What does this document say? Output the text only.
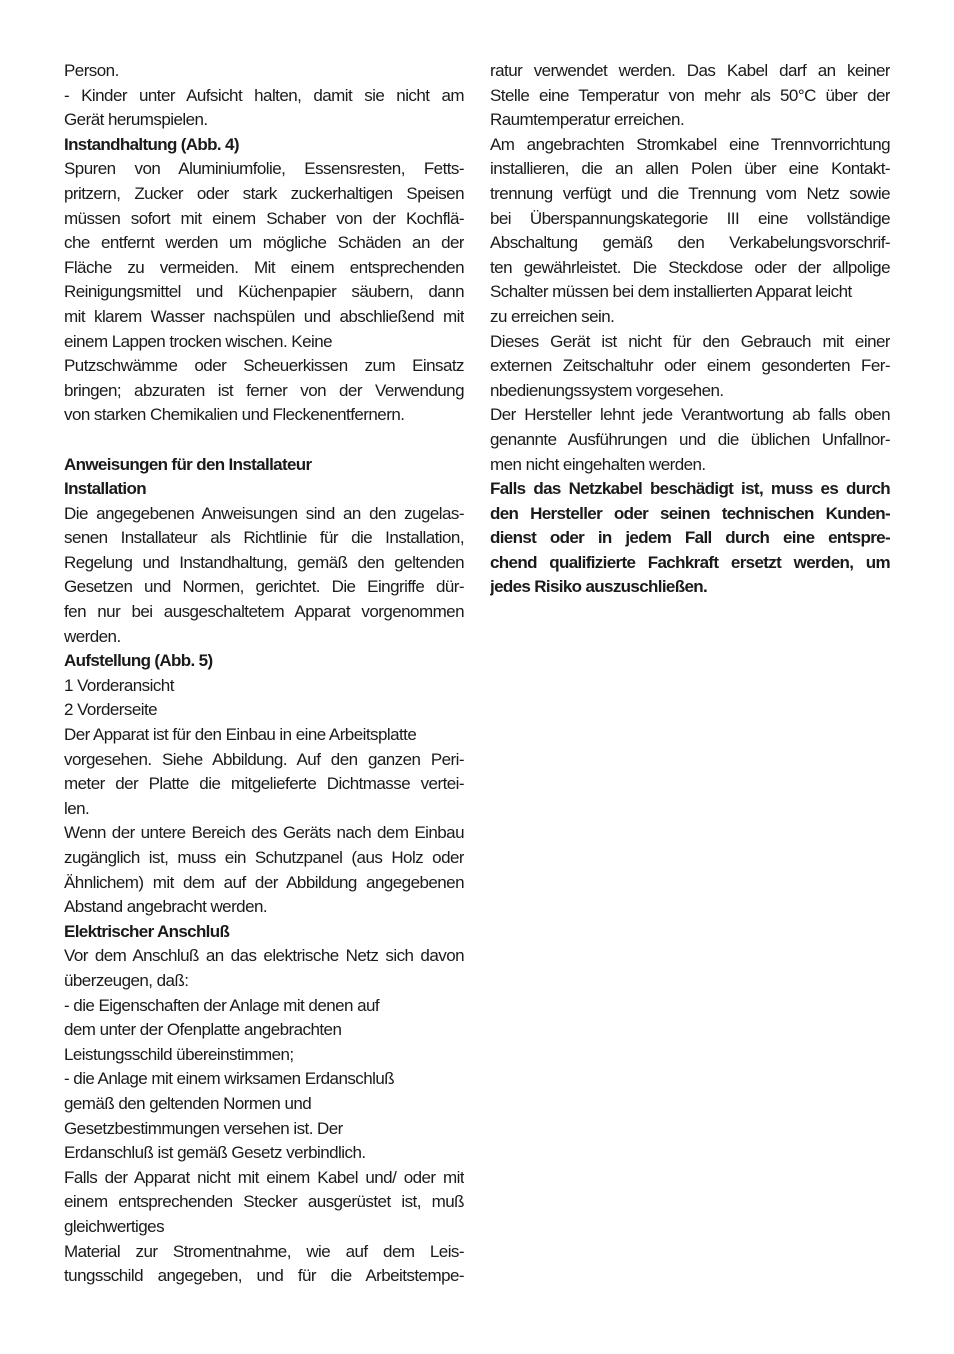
Person.
- Kinder unter Aufsicht halten, damit sie nicht am
Gerät herumspielen.
Instandhaltung (Abb. 4)
Spuren von Aluminiumfolie, Essensresten, Fetts-
pritzern, Zucker oder stark zuckerhaltigen Speisen
müssen sofort mit einem Schaber von der Kochflä-
che entfernt werden um mögliche Schäden an der
Fläche zu vermeiden. Mit einem entsprechenden
Reinigungsmittel und Küchenpapier säubern, dann
mit klarem Wasser nachspülen und abschließend mit
einem Lappen trocken wischen. Keine
Putzschwämme oder Scheuerkissen zum Einsatz
bringen; abzuraten ist ferner von der Verwendung
von starken Chemikalien und Fleckenentfernern.
Anweisungen für den Installateur
Installation
Die angegebenen Anweisungen sind an den zugelas-
senen Installateur als Richtlinie für die Installation,
Regelung und Instandhaltung, gemäß den geltenden
Gesetzen und Normen, gerichtet. Die Eingriffe dür-
fen nur bei ausgeschaltetem Apparat vorgenommen
werden.
Aufstellung (Abb. 5)
1 Vorderansicht
2 Vorderseite
Der Apparat ist für den Einbau in eine Arbeitsplatte
vorgesehen. Siehe Abbildung. Auf den ganzen Peri-
meter der Platte die mitgelieferte Dichtmasse vertei-
len.
Wenn der untere Bereich des Geräts nach dem Einbau
zugänglich ist, muss ein Schutzpanel (aus Holz oder
Ähnlichem) mit dem auf der Abbildung angegebenen
Abstand angebracht werden.
Elektrischer Anschluß
Vor dem Anschluß an das elektrische Netz sich davon
überzeugen, daß:
- die Eigenschaften der Anlage mit denen auf
dem unter der Ofenplatte angebrachten
Leistungsschild übereinstimmen;
- die Anlage mit einem wirksamen Erdanschluß
gemäß den geltenden Normen und
Gesetzbestimmungen versehen ist. Der
Erdanschluß ist gemäß Gesetz verbindlich.
Falls der Apparat nicht mit einem Kabel und/ oder mit
einem entsprechenden Stecker ausgerüstet ist, muß
gleichwertiges
Material zur Stromentnahme, wie auf dem Leis-
tungsschild angegeben, und für die Arbeitstempe-
ratur verwendet werden. Das Kabel darf an keiner
Stelle eine Temperatur von mehr als 50°C über der
Raumtemperatur erreichen.
Am angebrachten Stromkabel eine Trennvorrichtung
installieren, die an allen Polen über eine Kontakt-
trennung verfügt und die Trennung vom Netz sowie
bei Überspannungskategorie III eine vollständige
Abschaltung gemäß den Verkabelungsvorschrif-
ten gewährleistet. Die Steckdose oder der allpolige
Schalter müssen bei dem installierten Apparat leicht
zu erreichen sein.
Dieses Gerät ist nicht für den Gebrauch mit einer
externen Zeitschaltuhr oder einem gesonderten Fer-
nbedienungssystem vorgesehen.
Der Hersteller lehnt jede Verantwortung ab falls oben
genannte Ausführungen und die üblichen Unfallnor-
men nicht eingehalten werden.
Falls das Netzkabel beschädigt ist, muss es durch
den Hersteller oder seinen technischen Kunden-
dienst oder in jedem Fall durch eine entspre-
chend qualifizierte Fachkraft ersetzt werden, um
jedes Risiko auszuschließen.
